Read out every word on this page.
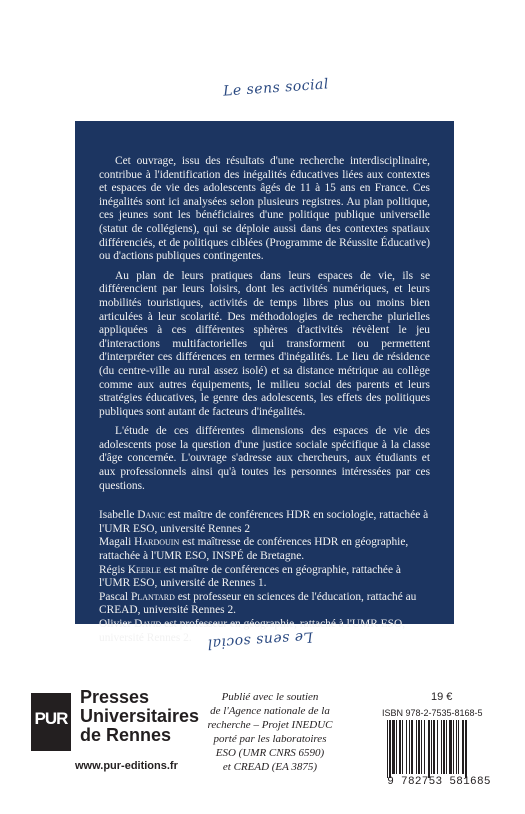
Le sens social

Cet ouvrage, issu des résultats d'une recherche interdisciplinaire, contribue à l'identification des inégalités éducatives liées aux contextes et espaces de vie des adolescents âgés de 11 à 15 ans en France. Ces inégalités sont ici analysées selon plusieurs registres. Au plan politique, ces jeunes sont les bénéficiaires d'une politique publique universelle (statut de collégiens), qui se déploie aussi dans des contextes spatiaux différenciés, et de politiques ciblées (Programme de Réussite Éducative) ou d'actions publiques contingentes.

Au plan de leurs pratiques dans leurs espaces de vie, ils se différencient par leurs loisirs, dont les activités numériques, et leurs mobilités touristiques, activités de temps libres plus ou moins bien articulées à leur scolarité. Des méthodologies de recherche plurielles appliquées à ces différentes sphères d'activités révèlent le jeu d'interactions multifactorielles qui transforment ou permettent d'interpréter ces différences en termes d'inégalités. Le lieu de résidence (du centre-ville au rural assez isolé) et sa distance métrique au collège comme aux autres équipements, le milieu social des parents et leurs stratégies éducatives, le genre des adolescents, les effets des politiques publiques sont autant de facteurs d'inégalités.

L'étude de ces différentes dimensions des espaces de vie des adolescents pose la question d'une justice sociale spécifique à la classe d'âge concernée. L'ouvrage s'adresse aux chercheurs, aux étudiants et aux professionnels ainsi qu'à toutes les personnes intéressées par ces questions.

Isabelle Danic est maître de conférences HDR en sociologie, rattachée à l'UMR ESO, université Rennes 2
Magali Hardouin est maîtresse de conférences HDR en géographie, rattachée à l'UMR ESO, INSPÉ de Bretagne.
Régis Keerle est maître de conférences en géographie, rattachée à l'UMR ESO, université de Rennes 1.
Pascal Plantard est professeur en sciences de l'éducation, rattaché au CREAD, université Rennes 2.
Olivier David est professeur en géographie, rattaché à l'UMR ESO, université Rennes 2.	Le sens social
PUR
Presses
Universitaires
de Rennes
www.pur-editions.fr
Publié avec le soutien
de l'Agence nationale de la
recherche – Projet INEDUC
porté par les laboratoires
ESO (UMR CNRS 6590)
et CREAD (EA 3875)
19 €
ISBN 978-2-7535-8168-5
9 782753 581685
